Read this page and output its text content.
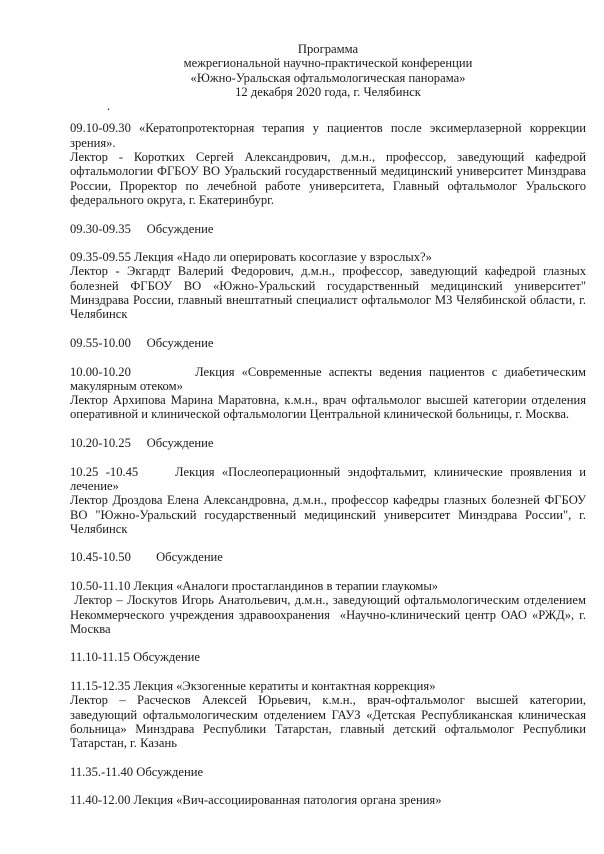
Программа
межрегиональной научно-практической конференции
«Южно-Уральская офтальмологическая панорама»
12 декабря 2020 года, г. Челябинск
.

09.10-09.30 «Кератопротекторная терапия у пациентов после эксимерлазерной коррекции зрения».

Лектор - Коротких Сергей Александрович, д.м.н., профессор, заведующий кафедрой офтальмологии ФГБОУ ВО Уральский государственный медицинский университет Минздрава России, Проректор по лечебной работе университета, Главный офтальмолог Уральского федерального округа, г. Екатеринбург.

09.30-09.35     Обсуждение

09.35-09.55 Лекция «Надо ли оперировать косоглазие у взрослых?»

Лектор - Экгардт Валерий Федорович, д.м.н., профессор, заведующий кафедрой глазных болезней ФГБОУ ВО «Южно-Уральский государственный медицинский университет" Минздрава России, главный внештатный специалист офтальмолог МЗ Челябинской области, г. Челябинск

09.55-10.00     Обсуждение

10.00-10.20         Лекция «Современные аспекты ведения пациентов с диабетическим макулярным отеком»

Лектор Архипова Марина Маратовна, к.м.н., врач офтальмолог высшей категории отделения оперативной и клинической офтальмологии Центральной клинической больницы, г. Москва.

10.20-10.25     Обсуждение

10.25 -10.45     Лекция «Послеоперационный эндофтальмит, клинические проявления и лечение»

Лектор Дроздова Елена Александровна, д.м.н., профессор кафедры глазных болезней ФГБОУ ВО "Южно-Уральский государственный медицинский университет Минздрава России", г. Челябинск

10.45-10.50        Обсуждение

10.50-11.10 Лекция «Аналоги простагландинов в терапии глаукомы»

Лектор – Лоскутов Игорь Анатольевич, д.м.н., заведующий офтальмологическим отделением Некоммерческого учреждения здравоохранения  «Научно-клинический центр ОАО «РЖД», г. Москва

11.10-11.15 Обсуждение

11.15-12.35 Лекция «Экзогенные кератиты и контактная коррекция»

Лектор – Расческов Алексей Юрьевич, к.м.н., врач-офтальмолог высшей категории, заведующий офтальмологическим отделением ГАУЗ «Детская Республиканская клиническая больница» Минздрава Республики Татарстан, главный детский офтальмолог Республики Татарстан, г. Казань

11.35.-11.40 Обсуждение

11.40-12.00 Лекция «Вич-ассоциированная патология органа зрения»
